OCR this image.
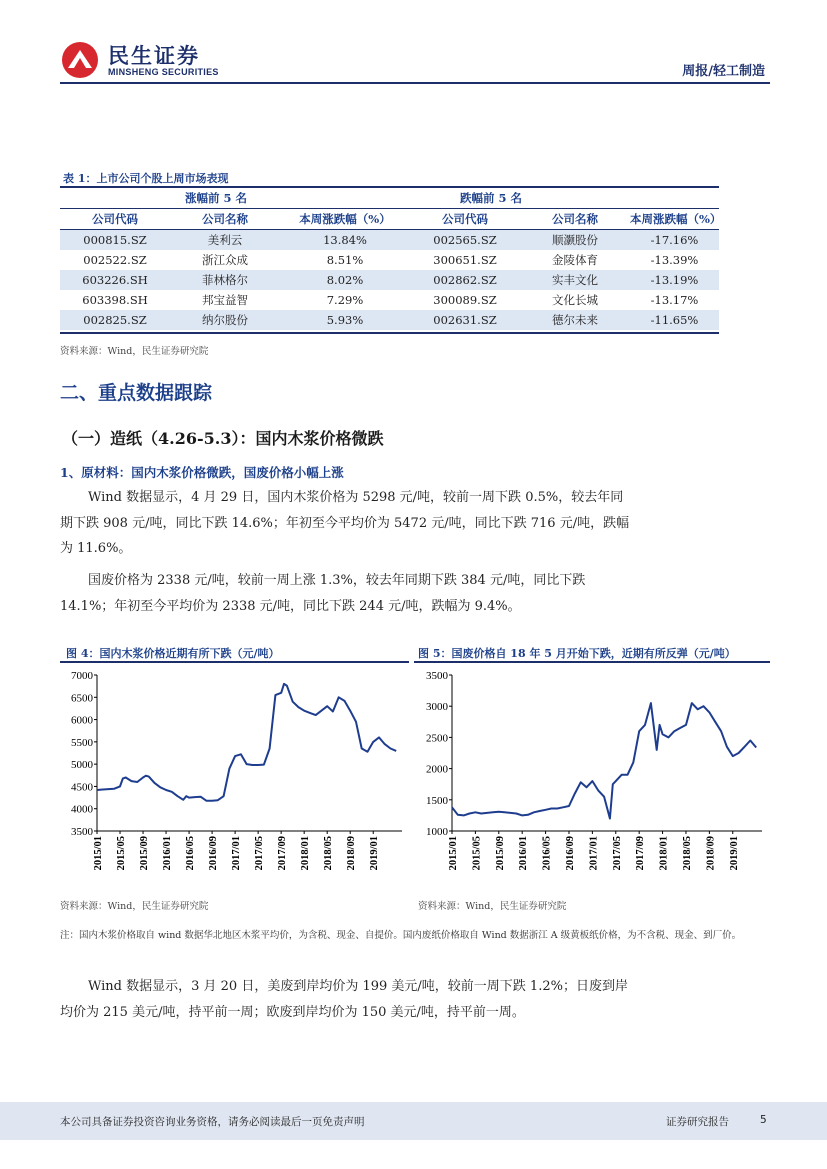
民生证券
MINSHENG SECURITIES	周报/轻工制造
表 1：上市公司个股上周市场表现
涨幅前 5 名			跌幅前 5 名		
公司代码	公司名称	本周涨跌幅（%）	公司代码	公司名称	本周涨跌幅（%）
000815.SZ	美利云	13.84%	002565.SZ	顺灏股份	-17.16%
002522.SZ	浙江众成	8.51%	300651.SZ	金陵体育	-13.39%
603226.SH	菲林格尔	8.02%	002862.SZ	实丰文化	-13.19%
603398.SH	邦宝益智	7.29%	300089.SZ	文化长城	-13.17%
002825.SZ	纳尔股份	5.93%	002631.SZ	德尔未来	-11.65%
资料来源：Wind，民生证券研究院
二、重点数据跟踪
（一）造纸（4.26-5.3）：国内木浆价格微跌
1、原材料：国内木浆价格微跌，国废价格小幅上涨
Wind 数据显示，4 月 29 日，国内木浆价格为 5298 元/吨，较前一周下跌 0.5%，较去年同期下跌 908 元/吨，同比下跌 14.6%；年初至今平均价为 5472 元/吨，同比下跌 716 元/吨，跌幅为 11.6%。
国废价格为 2338 元/吨，较前一周上涨 1.3%，较去年同期下跌 384 元/吨，同比下跌 14.1%；年初至今平均价为 2338 元/吨，同比下跌 244 元/吨，跌幅为 9.4%。
图 4：国内木浆价格近期有所下跌（元/吨）
7000
6500
6000
5500
5000
4500
4000
3500
2015/01 2015/05 2015/09 2016/01 2016/05 2016/09 2017/01 2017/05 2017/09 2018/01 2018/05 2018/09 2019/01
资料来源：Wind，民生证券研究院
图 5：国废价格自 18 年 5 月开始下跌，近期有所反弹（元/吨）
3500
3000
2500
2000
1500
1000
2015/01 2015/05 2015/09 2016/01 2016/05 2016/09 2017/01 2017/05 2017/09 2018/01 2018/05 2018/09 2019/01
资料来源：Wind，民生证券研究院
注：国内木浆价格取自 wind 数据华北地区木浆平均价，为含税、现金、自提价。国内废纸价格取自 Wind 数据浙江 A 级黄板纸价格，为不含税、现金、到厂价。
Wind 数据显示，3 月 20 日，美废到岸均价为 199 美元/吨，较前一周下跌 1.2%；日废到岸均价为 215 美元/吨，持平前一周；欧废到岸均价为 150 美元/吨，持平前一周。
本公司具备证券投资咨询业务资格，请务必阅读最后一页免责声明	证券研究报告	5
